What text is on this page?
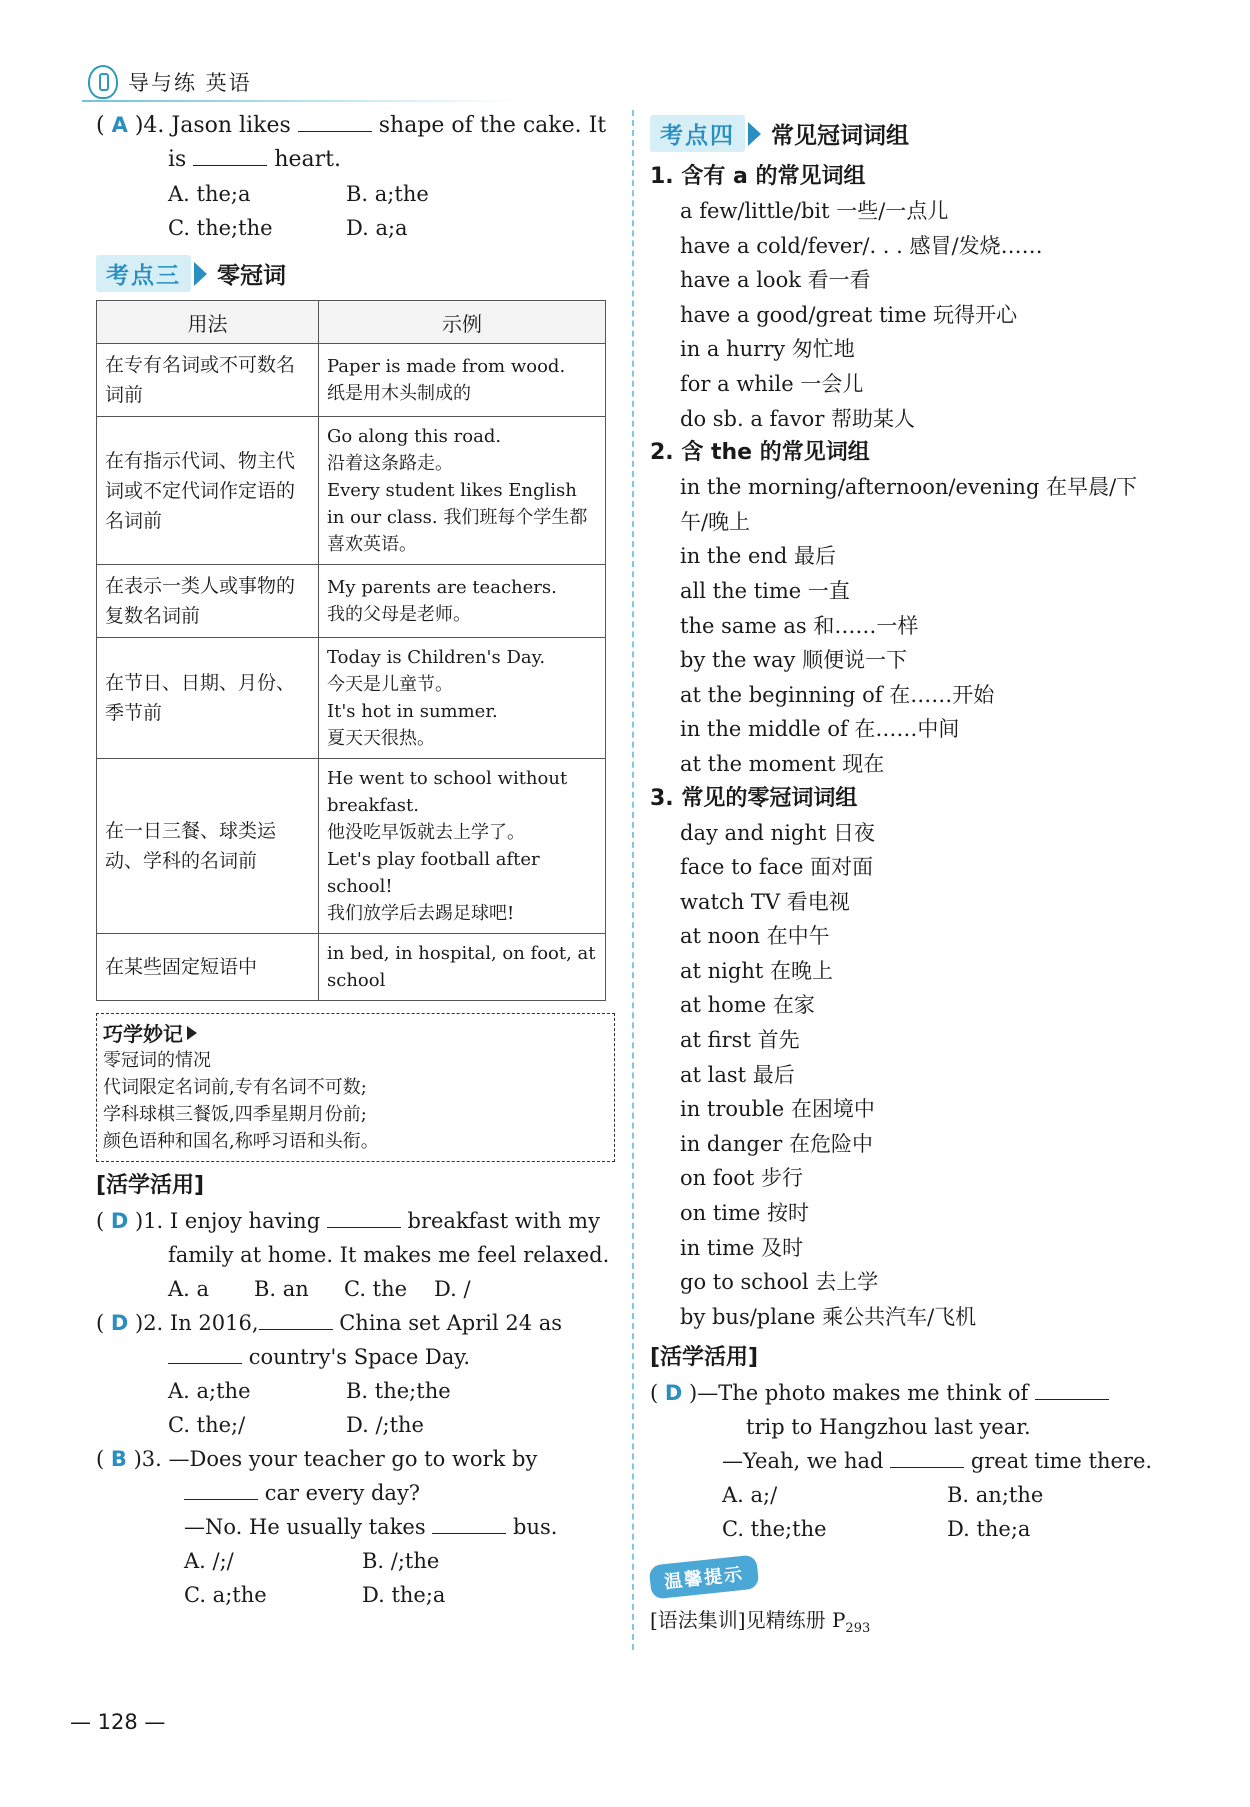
导与练 英语
( A )4. Jason likes	shape of the cake. It
is	heart.
A. the;a	B. a;the
C. the;the	D. a;a
考点三	零冠词
用法	示例
在专有名词或不可数名词前	Paper is made from wood.
纸是用木头制成的

在有指示代词、物主代词或不定代词作定语的名词前	Go along this road.
沿着这条路走。
Every student likes English in our class. 我们班每个学生都喜欢英语。

在表示一类人或事物的复数名词前	My parents are teachers.
我的父母是老师。

在节日、日期、月份、季节前	Today is Children's Day.
今天是儿童节。
It's hot in summer.
夏天天很热。

在一日三餐、球类运动、学科的名词前	He went to school without breakfast.
他没吃早饭就去上学了。
Let's play football after school!
我们放学后去踢足球吧!

在某些固定短语中	in bed, in hospital, on foot, at school
巧学妙记
零冠词的情况
代词限定名词前,专有名词不可数;
学科球棋三餐饭,四季星期月份前;
颜色语种和国名,称呼习语和头衔。
[活学活用]
( D )1. I enjoy having	breakfast with my
family at home. It makes me feel relaxed.
A. a	B. an	C. the	D. /
( D )2. In 2016,	China set April 24 as
country's Space Day.
A. a;the	B. the;the
C. the;/	D. /;the
( B )3. —Does your teacher go to work by
car every day?
—No. He usually takes	bus.
A. /;/	B. /;the
C. a;the	D. the;a
考点四	常见冠词词组
1. 含有 a 的常见词组
a few/little/bit 一些/一点儿
have a cold/fever/. . . 感冒/发烧……
have a look 看一看
have a good/great time 玩得开心
in a hurry 匆忙地
for a while 一会儿
do sb. a favor 帮助某人
2. 含 the 的常见词组
in the morning/afternoon/evening 在早晨/下
午/晚上
in the end 最后
all the time 一直
the same as 和……一样
by the way 顺便说一下
at the beginning of 在……开始
in the middle of 在……中间
at the moment 现在
3. 常见的零冠词词组
day and night 日夜
face to face 面对面
watch TV 看电视
at noon 在中午
at night 在晚上
at home 在家
at first 首先
at last 最后
in trouble 在困境中
in danger 在危险中
on foot 步行
on time 按时
in time 及时
go to school 去上学
by bus/plane 乘公共汽车/飞机
[活学活用]
( D )—The photo makes me think of
trip to Hangzhou last year.
—Yeah, we had	great time there.
A. a;/	B. an;the
C. the;the	D. the;a
温馨提示
[语法集训]见精练册 $P_{293}$
— 128 —
